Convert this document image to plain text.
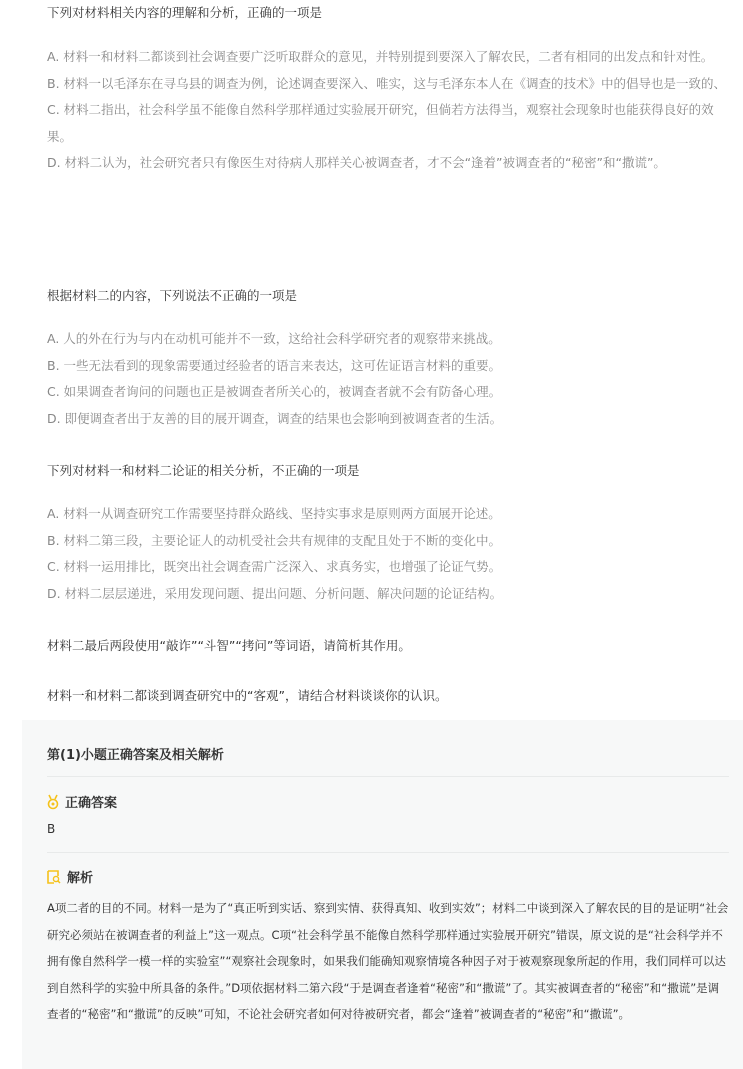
下列对材料相关内容的理解和分析，正确的一项是

A. 材料一和材料二都谈到社会调查要广泛听取群众的意见，并特别提到要深入了解农民，二者有相同的出发点和针对性。
B. 材料一以毛泽东在寻乌县的调查为例，论述调查要深入、唯实，这与毛泽东本人在《调查的技术》中的倡导也是一致的、
C. 材料二指出，社会科学虽不能像自然科学那样通过实验展开研究，但倘若方法得当，观察社会现象时也能获得良好的效果。
D. 材料二认为，社会研究者只有像医生对待病人那样关心被调查者，才不会“逢着”被调查者的“秘密”和“撒谎”。

根据材料二的内容，下列说法不正确的一项是

A. 人的外在行为与内在动机可能并不一致，这给社会科学研究者的观察带来挑战。
B. 一些无法看到的现象需要通过经验者的语言来表达，这可佐证语言材料的重要。
C. 如果调查者询问的问题也正是被调查者所关心的，被调查者就不会有防备心理。
D. 即便调查者出于友善的目的展开调查，调查的结果也会影响到被调查者的生活。

下列对材料一和材料二论证的相关分析，不正确的一项是

A. 材料一从调查研究工作需要坚持群众路线、坚持实事求是原则两方面展开论述。
B. 材料二第三段，主要论证人的动机受社会共有规律的支配且处于不断的变化中。
C. 材料一运用排比，既突出社会调查需广泛深入、求真务实，也增强了论证气势。
D. 材料二层层递进，采用发现问题、提出问题、分析问题、解决问题的论证结构。

材料二最后两段使用“敲诈”“斗智”“拷问”等词语，请简析其作用。

材料一和材料二都谈到调查研究中的“客观”，请结合材料谈谈你的认识。

第(1)小题正确答案及相关解析
正确答案
B
解析
A项二者的目的不同。材料一是为了“真正听到实话、察到实情、获得真知、收到实效”；材料二中谈到深入了解农民的目的是证明“社会研究必须站在被调查者的利益上”这一观点。C项“社会科学虽不能像自然科学那样通过实验展开研究”错误，原文说的是“社会科学并不拥有像自然科学一模一样的实验室”“观察社会现象时，如果我们能确知观察情境各种因子对于被观察现象所起的作用，我们同样可以达到自然科学的实验中所具备的条件。”D项依据材料二第六段“于是调查者逢着“秘密”和“撒谎”了。其实被调查者的“秘密”和“撒谎”是调查者的“秘密”和“撒谎”的反映”可知，不论社会研究者如何对待被研究者，都会“逢着”被调查者的“秘密”和“撒谎”。
